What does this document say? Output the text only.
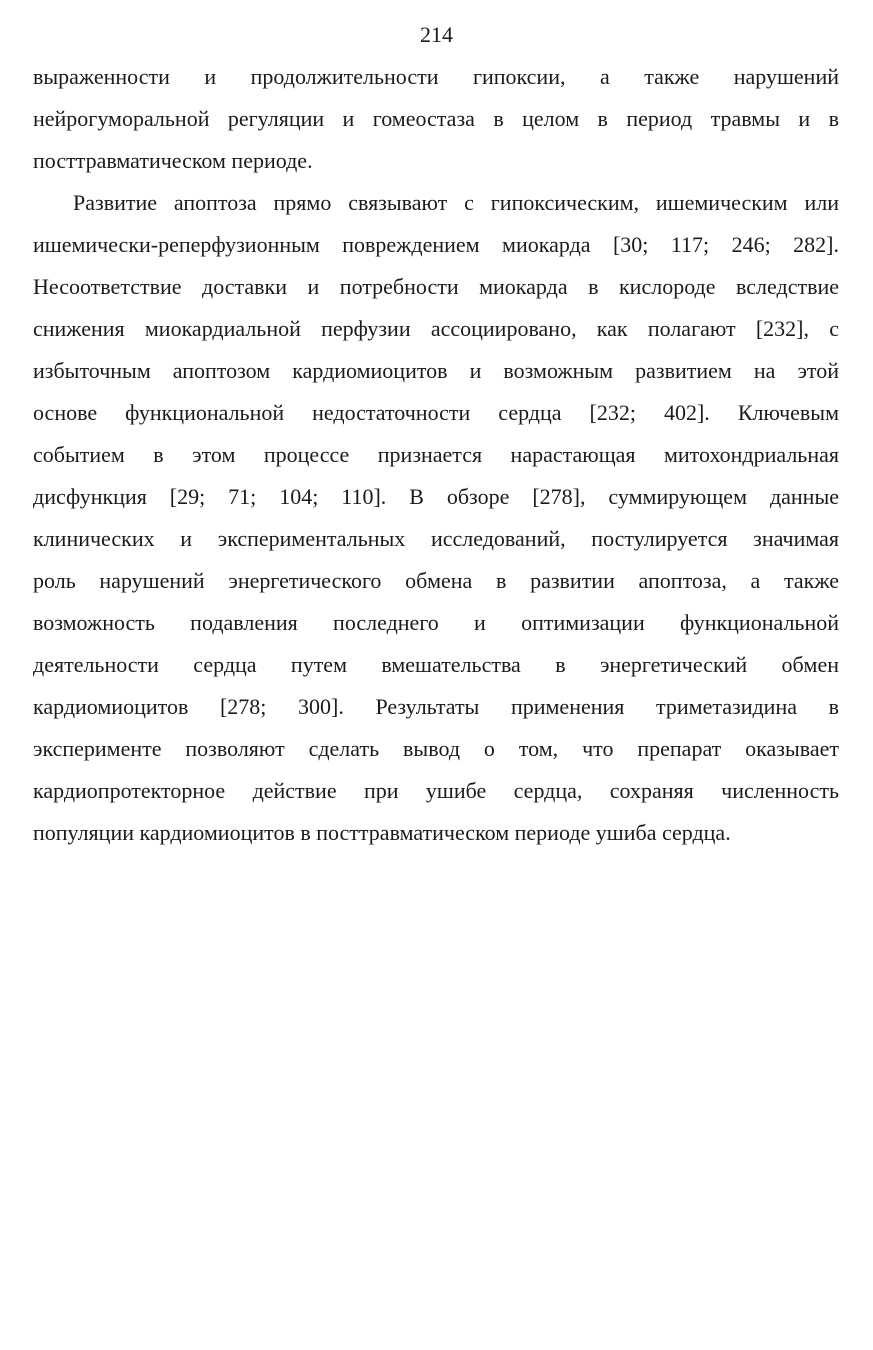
214
выраженности и продолжительности гипоксии, а также нарушений
нейрогуморальной регуляции и гомеостаза в целом в период травмы и в
посттравматическом периоде.
Развитие апоптоза прямо связывают с гипоксическим, ишемическим или
ишемически-реперфузионным повреждением миокарда [30; 117; 246; 282].
Несоответствие доставки и потребности миокарда в кислороде вследствие
снижения миокардиальной перфузии ассоциировано, как полагают [232], с
избыточным апоптозом кардиомиоцитов и возможным развитием на этой
основе функциональной недостаточности сердца [232; 402]. Ключевым
событием в этом процессе признается нарастающая митохондриальная
дисфункция [29; 71; 104; 110]. В обзоре [278], суммирующем данные
клинических и экспериментальных исследований, постулируется значимая
роль нарушений энергетического обмена в развитии апоптоза, а также
возможность подавления последнего и оптимизации функциональной
деятельности сердца путем вмешательства в энергетический обмен
кардиомиоцитов [278; 300]. Результаты применения триметазидина в
эксперименте позволяют сделать вывод о том, что препарат оказывает
кардиопротекторное действие при ушибе сердца, сохраняя численность
популяции кардиомиоцитов в посттравматическом периоде ушиба сердца.
